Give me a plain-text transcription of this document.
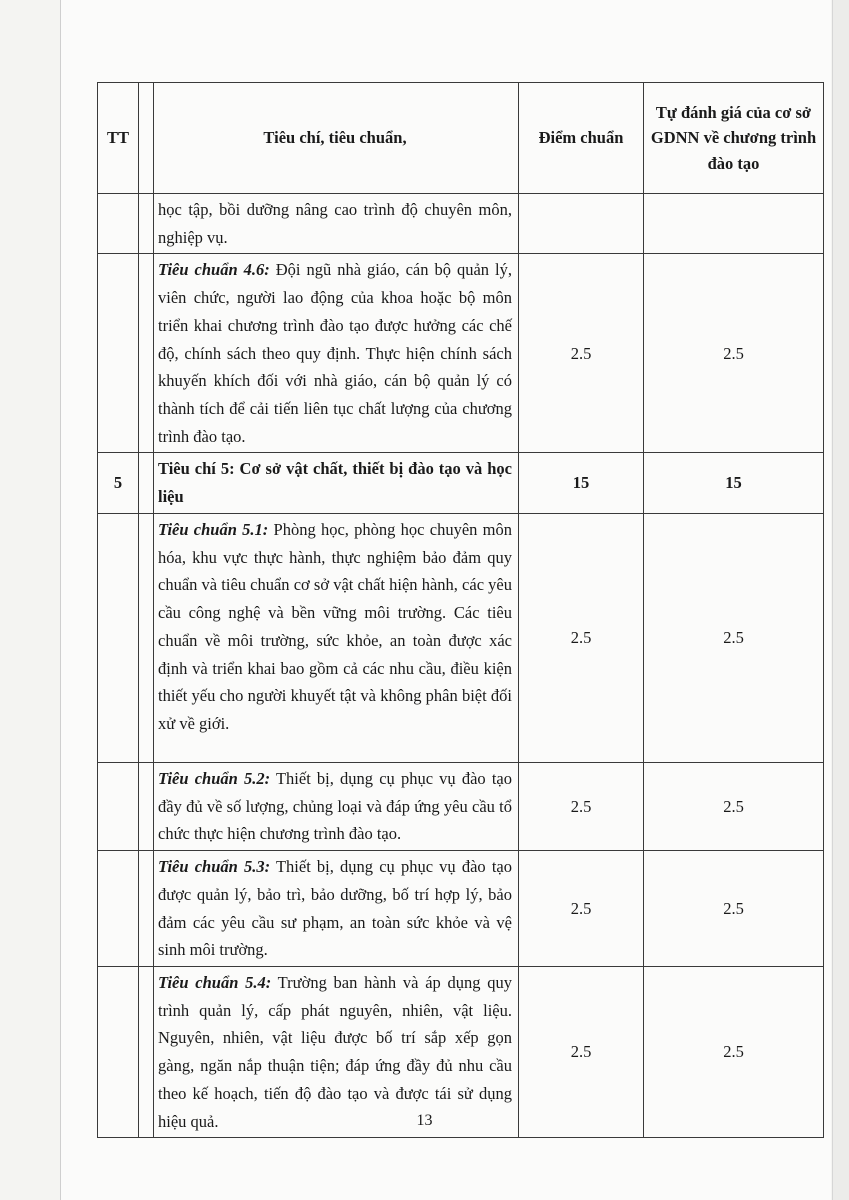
TT		Tiêu chí, tiêu chuẩn,	Điểm chuẩn	Tự đánh giá của cơ sở GDNN về chương trình đào tạo
		học tập, bồi dưỡng nâng cao trình độ chuyên môn, nghiệp vụ.		
		Tiêu chuẩn 4.6: Đội ngũ nhà giáo, cán bộ quản lý, viên chức, người lao động của khoa hoặc bộ môn triển khai chương trình đào tạo được hưởng các chế độ, chính sách theo quy định. Thực hiện chính sách khuyến khích đối với nhà giáo, cán bộ quản lý có thành tích để cải tiến liên tục chất lượng của chương trình đào tạo.	2.5	2.5
5		Tiêu chí 5: Cơ sở vật chất, thiết bị đào tạo và học liệu	15	15
		Tiêu chuẩn 5.1: Phòng học, phòng học chuyên môn hóa, khu vực thực hành, thực nghiệm bảo đảm quy chuẩn và tiêu chuẩn cơ sở vật chất hiện hành, các yêu cầu công nghệ và bền vững môi trường. Các tiêu chuẩn về môi trường, sức khỏe, an toàn được xác định và triển khai bao gồm cả các nhu cầu, điều kiện thiết yếu cho người khuyết tật và không phân biệt đối xử về giới.	2.5	2.5
		Tiêu chuẩn 5.2: Thiết bị, dụng cụ phục vụ đào tạo đầy đủ về số lượng, chủng loại và đáp ứng yêu cầu tổ chức thực hiện chương trình đào tạo.	2.5	2.5
		Tiêu chuẩn 5.3: Thiết bị, dụng cụ phục vụ đào tạo được quản lý, bảo trì, bảo dưỡng, bố trí hợp lý, bảo đảm các yêu cầu sư phạm, an toàn sức khỏe và vệ sinh môi trường.	2.5	2.5
		Tiêu chuẩn 5.4: Trường ban hành và áp dụng quy trình quản lý, cấp phát nguyên, nhiên, vật liệu. Nguyên, nhiên, vật liệu được bố trí sắp xếp gọn gàng, ngăn nắp thuận tiện; đáp ứng đầy đủ nhu cầu theo kế hoạch, tiến độ đào tạo và được tái sử dụng hiệu quả.	2.5	2.5
13
